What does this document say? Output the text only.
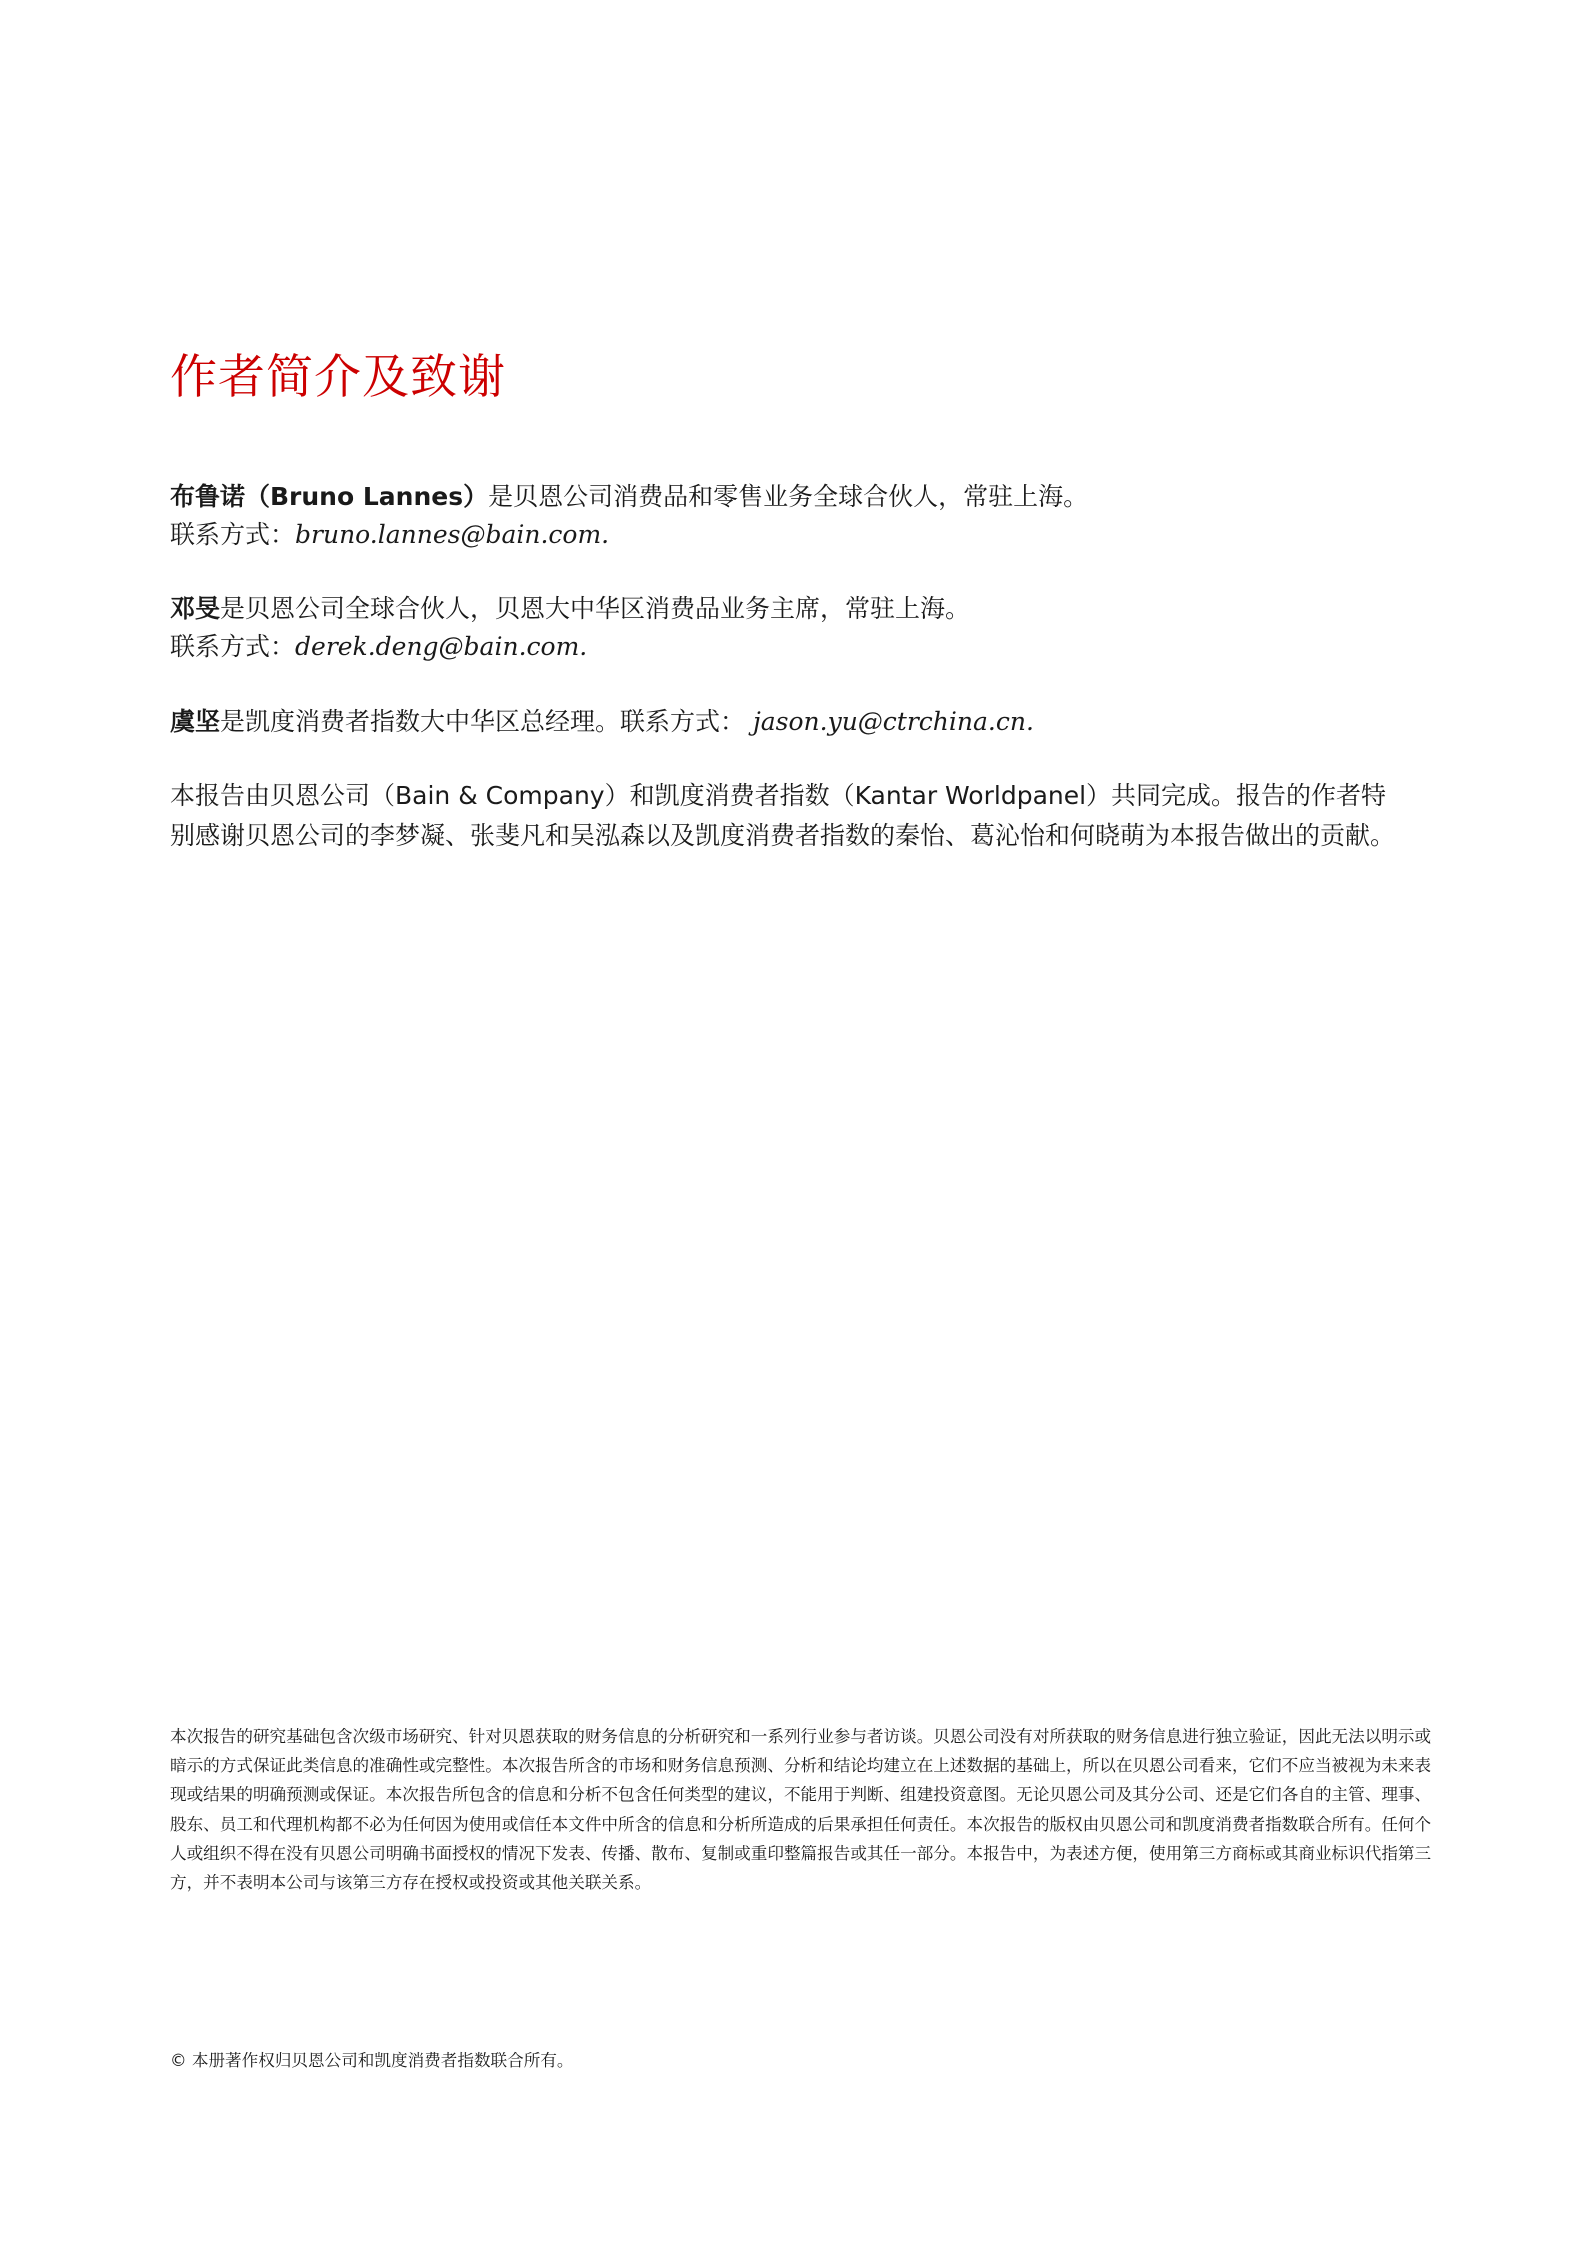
作者简介及致谢
布鲁诺（Bruno Lannes）是贝恩公司消费品和零售业务全球合伙人，常驻上海。
联系方式：bruno.lannes@bain.com.
邓旻是贝恩公司全球合伙人，贝恩大中华区消费品业务主席，常驻上海。
联系方式：derek.deng@bain.com.
虞坚是凯度消费者指数大中华区总经理。联系方式： jason.yu@ctrchina.cn.
本报告由贝恩公司（Bain & Company）和凯度消费者指数（Kantar Worldpanel）共同完成。报告的作者特
别感谢贝恩公司的李梦凝、张斐凡和吴泓森以及凯度消费者指数的秦怡、葛沁怡和何晓萌为本报告做出的贡献。

本次报告的研究基础包含次级市场研究、针对贝恩获取的财务信息的分析研究和一系列行业参与者访谈。贝恩公司没有对所获取的财务信息进行独立验证，因此无法以明示或暗示的方式保证此类信息的准确性或完整性。本次报告所含的市场和财务信息预测、分析和结论均建立在上述数据的基础上，所以在贝恩公司看来，它们不应当被视为未来表现或结果的明确预测或保证。本次报告所包含的信息和分析不包含任何类型的建议，不能用于判断、组建投资意图。无论贝恩公司及其分公司、还是它们各自的主管、理事、股东、员工和代理机构都不必为任何因为使用或信任本文件中所含的信息和分析所造成的后果承担任何责任。本次报告的版权由贝恩公司和凯度消费者指数联合所有。任何个人或组织不得在没有贝恩公司明确书面授权的情况下发表、传播、散布、复制或重印整篇报告或其任一部分。本报告中，为表述方便，使用第三方商标或其商业标识代指第三方，并不表明本公司与该第三方存在授权或投资或其他关联关系。

© 本册著作权归贝恩公司和凯度消费者指数联合所有。
